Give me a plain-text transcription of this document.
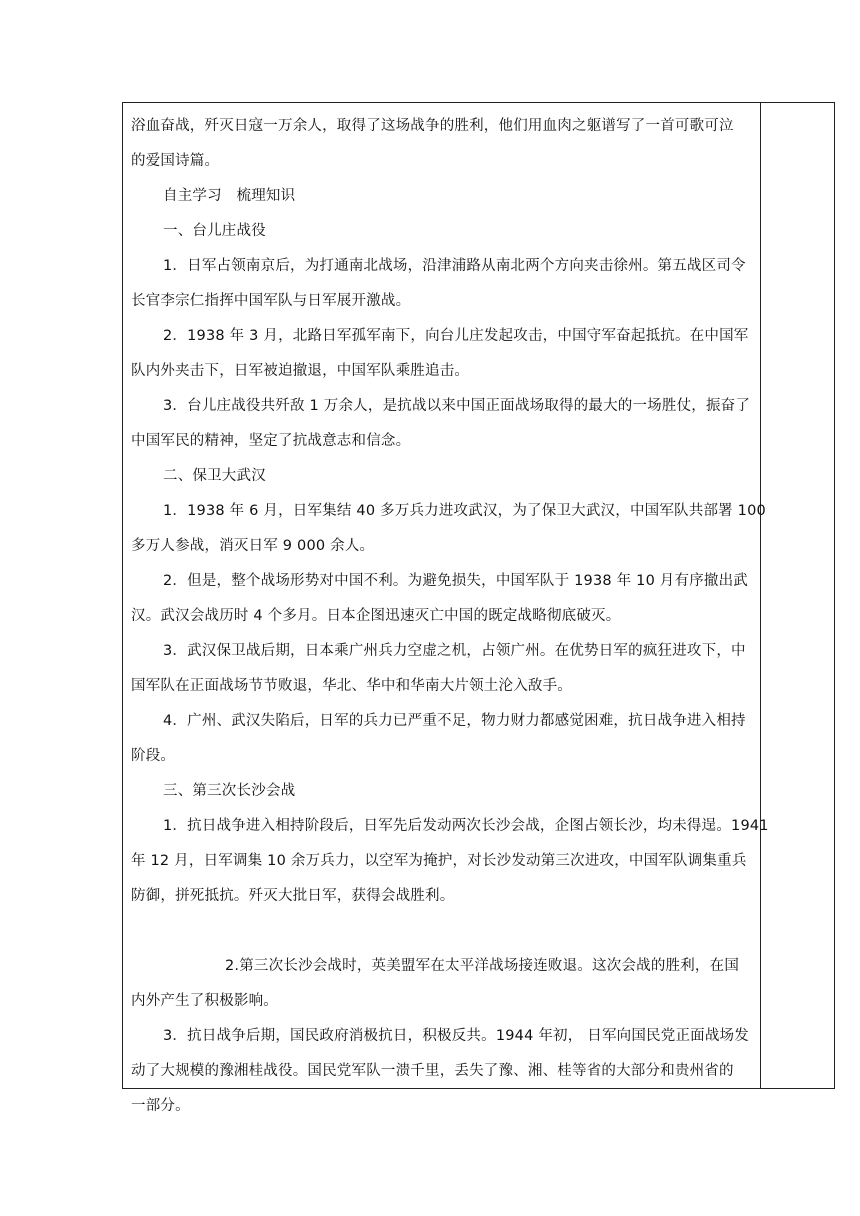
浴血奋战，歼灭日寇一万余人，取得了这场战争的胜利，他们用血肉之躯谱写了一首可歌可泣
的爱国诗篇。
自主学习　梳理知识
一、台儿庄战役
1．日军占领南京后，为打通南北战场，沿津浦路从南北两个方向夹击徐州。第五战区司令
长官李宗仁指挥中国军队与日军展开激战。
2．1938 年 3 月，北路日军孤军南下，向台儿庄发起攻击，中国守军奋起抵抗。在中国军
队内外夹击下，日军被迫撤退，中国军队乘胜追击。
3．台儿庄战役共歼敌 1 万余人，是抗战以来中国正面战场取得的最大的一场胜仗，振奋了
中国军民的精神，坚定了抗战意志和信念。
二、保卫大武汉
1．1938 年 6 月，日军集结 40 多万兵力进攻武汉，为了保卫大武汉，中国军队共部署 100
多万人参战，消灭日军 9 000 余人。
2．但是，整个战场形势对中国不利。为避免损失，中国军队于 1938 年 10 月有序撤出武
汉。武汉会战历时 4 个多月。日本企图迅速灭亡中国的既定战略彻底破灭。
3．武汉保卫战后期，日本乘广州兵力空虚之机，占领广州。在优势日军的疯狂进攻下，中
国军队在正面战场节节败退，华北、华中和华南大片领土沦入敌手。
4．广州、武汉失陷后，日军的兵力已严重不足，物力财力都感觉困难，抗日战争进入相持
阶段。
三、第三次长沙会战
1．抗日战争进入相持阶段后，日军先后发动两次长沙会战，企图占领长沙，均未得逞。1941
年 12 月，日军调集 10 余万兵力，以空军为掩护，对长沙发动第三次进攻，中国军队调集重兵
防御，拼死抵抗。歼灭大批日军，获得会战胜利。
2.第三次长沙会战时，英美盟军在太平洋战场接连败退。这次会战的胜利，在国
内外产生了积极影响。
3．抗日战争后期，国民政府消极抗日，积极反共。1944 年初， 日军向国民党正面战场发
动了大规模的豫湘桂战役。国民党军队一溃千里，丢失了豫、湘、桂等省的大部分和贵州省的
一部分。
